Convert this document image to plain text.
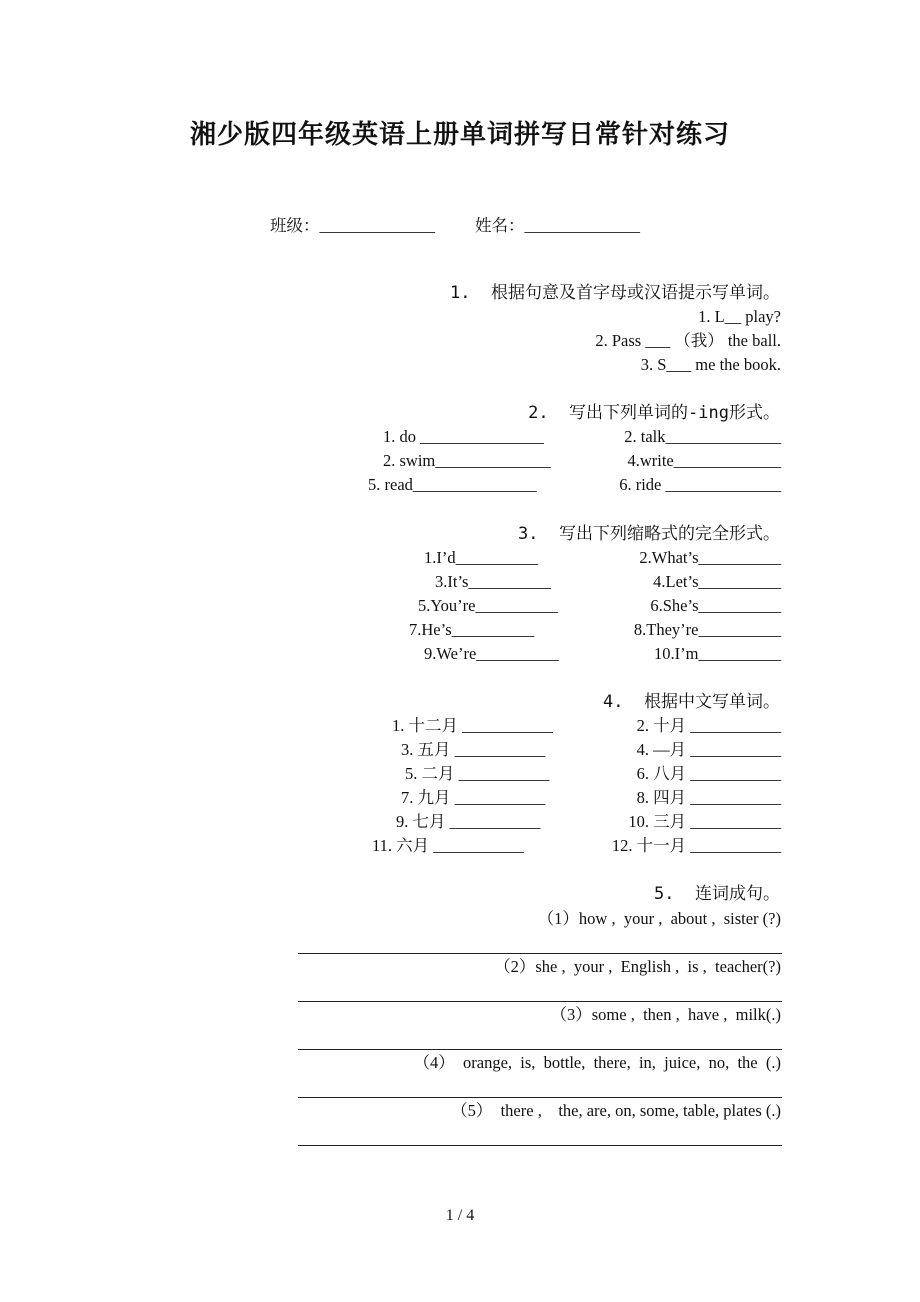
湘少版四年级英语上册单词拼写日常针对练习
班级：______________ 姓名：______________
1.  根据句意及首字母或汉语提示写单词。
1. L__ play?
2. Pass ___ （我） the ball.
3. S___ me the book.
2.  写出下列单词的-ing形式。
1. do _______________	2. talk______________
2. swim______________	4.write_____________
5. read_______________	6. ride ______________
3.  写出下列缩略式的完全形式。
1.I’d__________	2.What’s__________
3.It’s__________	4.Let’s__________
5.You’re__________	6.She’s__________
7.He’s__________	8.They’re__________
9.We’re__________	10.I’m__________
4.  根据中文写单词。
1. 十二月 ___________	2. 十月 ___________
3. 五月 ___________	4. —月 ___________
5. 二月 ___________	6. 八月 ___________
7. 九月 ___________	8. 四月 ___________
9. 七月 ___________	10. 三月 ___________
11. 六月 ___________	12. 十一月 ___________
5.  连词成句。
（1）how ,  your ,  about ,  sister (?)
（2）she ,  your ,  English ,  is ,  teacher(?)
（3）some ,  then ,  have ,  milk(.)
（4）  orange,  is,  bottle,  there,  in,  juice,  no,  the  (.)
（5）  there ,    the, are, on, some, table, plates (.)
1 / 4
